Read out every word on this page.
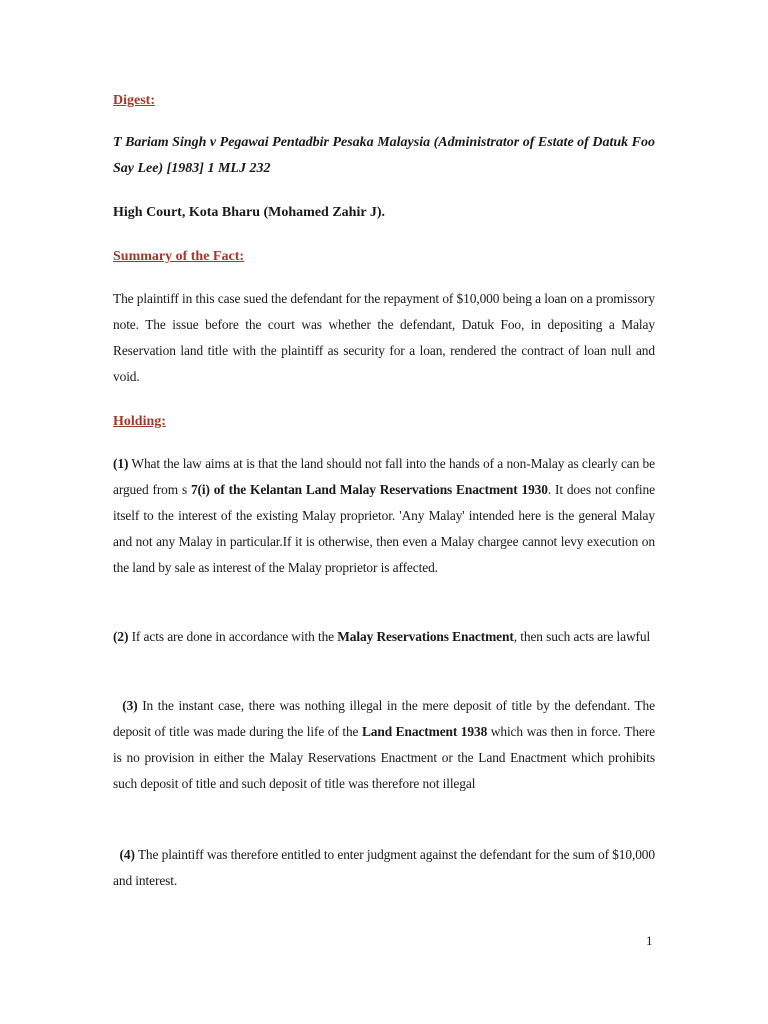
Digest:
T Bariam Singh v Pegawai Pentadbir Pesaka Malaysia (Administrator of Estate of Datuk Foo Say Lee) [1983] 1 MLJ 232
High Court, Kota Bharu (Mohamed Zahir J).
Summary of the Fact:
The plaintiff in this case sued the defendant for the repayment of $10,000 being a loan on a promissory note. The issue before the court was whether the defendant, Datuk Foo, in depositing a Malay Reservation land title with the plaintiff as security for a loan, rendered the contract of loan null and void.
Holding:
(1) What the law aims at is that the land should not fall into the hands of a non-Malay as clearly can be argued from s 7(i) of the Kelantan Land Malay Reservations Enactment 1930. It does not confine itself to the interest of the existing Malay proprietor. 'Any Malay' intended here is the general Malay and not any Malay in particular.If it is otherwise, then even a Malay chargee cannot levy execution on the land by sale as interest of the Malay proprietor is affected.
(2) If acts are done in accordance with the Malay Reservations Enactment, then such acts are lawful
(3) In the instant case, there was nothing illegal in the mere deposit of title by the defendant. The deposit of title was made during the life of the Land Enactment 1938 which was then in force. There is no provision in either the Malay Reservations Enactment or the Land Enactment which prohibits such deposit of title and such deposit of title was therefore not illegal
(4) The plaintiff was therefore entitled to enter judgment against the defendant for the sum of $10,000 and interest.
1
